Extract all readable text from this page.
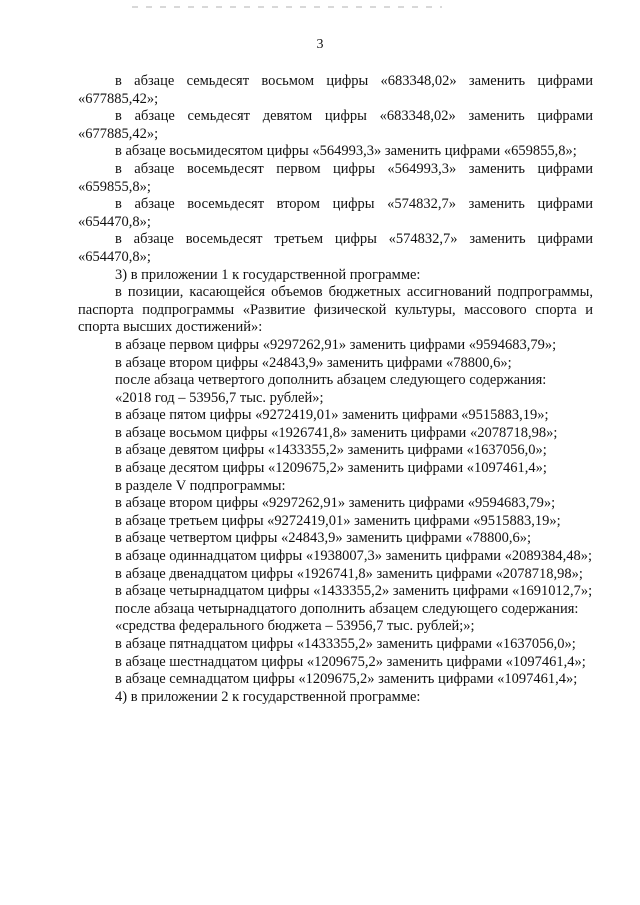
3

в абзаце семьдесят восьмом цифры «683348,02» заменить цифрами «677885,42»;

в абзаце семьдесят девятом цифры «683348,02» заменить цифрами «677885,42»;

в абзаце восьмидесятом цифры «564993,3» заменить цифрами «659855,8»;

в абзаце восемьдесят первом цифры «564993,3» заменить цифрами «659855,8»;

в абзаце восемьдесят втором цифры «574832,7» заменить цифрами «654470,8»;

в абзаце восемьдесят третьем цифры «574832,7» заменить цифрами «654470,8»;

3) в приложении 1 к государственной программе:

в позиции, касающейся объемов бюджетных ассигнований подпрограммы, паспорта подпрограммы «Развитие физической культуры, массового спорта и спорта высших достижений»:

в абзаце первом цифры «9297262,91» заменить цифрами «9594683,79»;

в абзаце втором цифры «24843,9» заменить цифрами «78800,6»;

после абзаца четвертого дополнить абзацем следующего содержания:

«2018 год – 53956,7 тыс. рублей»;

в абзаце пятом цифры «9272419,01» заменить цифрами «9515883,19»;

в абзаце восьмом цифры «1926741,8» заменить цифрами «2078718,98»;

в абзаце девятом цифры «1433355,2» заменить цифрами «1637056,0»;

в абзаце десятом цифры «1209675,2» заменить цифрами «1097461,4»;

в разделе V подпрограммы:

в абзаце втором цифры «9297262,91» заменить цифрами «9594683,79»;

в абзаце третьем цифры «9272419,01» заменить цифрами «9515883,19»;

в абзаце четвертом цифры «24843,9» заменить цифрами «78800,6»;

в абзаце одиннадцатом цифры «1938007,3» заменить цифрами «2089384,48»;

в абзаце двенадцатом цифры «1926741,8» заменить цифрами «2078718,98»;

в абзаце четырнадцатом цифры «1433355,2» заменить цифрами «1691012,7»;

после абзаца четырнадцатого дополнить абзацем следующего содержания:

«средства федерального бюджета – 53956,7 тыс. рублей;»;

в абзаце пятнадцатом цифры «1433355,2» заменить цифрами «1637056,0»;

в абзаце шестнадцатом цифры «1209675,2» заменить цифрами «1097461,4»;

в абзаце семнадцатом цифры «1209675,2» заменить цифрами «1097461,4»;

4) в приложении 2 к государственной программе:
